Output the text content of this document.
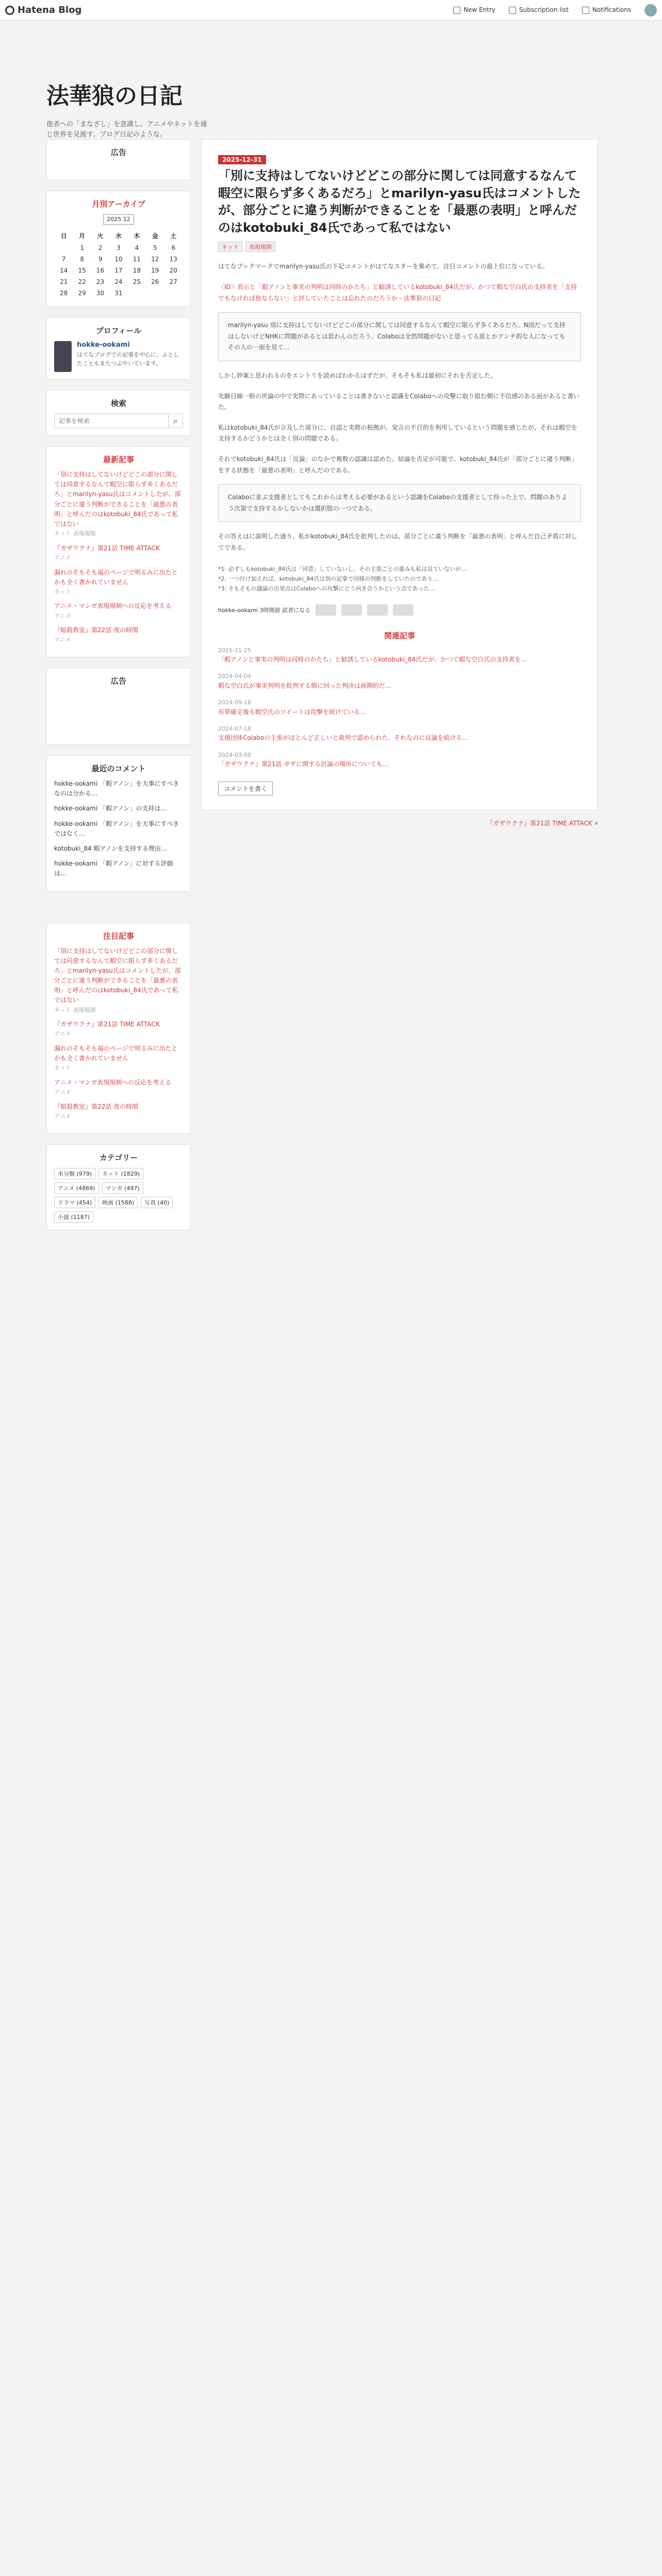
Hatena Blog	New Entry	Subscription list	Notifications
法華狼の日記
他者への「まなざし」を意識し、アニメやネットを通じ世界を見渡す、ブログ日記のような。
広告
月別アーカイブ
2025 12
日	月	火	水	木	金	土
	1	2	3	4	5	6
7	8	9	10	11	12	13
14	15	16	17	18	19	20
21	22	23	24	25	26	27
28	29	30	31			
プロフィール
hokke-ookami
はてなブログでの記事を中心に、ふとしたこともまたつぶやいています。
検索
記事を検索
⌕
最新記事
「別に支持はしてないけどどこの部分に関しては同意するなんて暇空に限らず多くあるだろ」とmarilyn-yasu氏はコメントしたが、部分ごとに違う判断ができることを「最悪の表明」と呼んだのはkotobuki_84氏であって私ではない
ネット 表現規制
『ガザウクナ』第21話 TIME ATTACK
アニメ
漏れのそもそも福のページで明るみに出たとかも全く書かれていません
ネット
アニメ・マンガ表現規制への反応を考える
アニメ
『暗殺教室』第22話 夜の時間
アニメ
広告
最近のコメント
hokke-ookami 「暇アノン」を大事にすべきなのは分かる…
hokke-ookami 「暇アノン」の支持は…
hokke-ookami 「暇アノン」を大事にすべきではなく…
kotobuki_84 暇アノンを支持する理由…
hokke-ookami 「暇アノン」に対する評価は…
2025-12-31
「別に支持はしてないけどどこの部分に関しては同意するなんて暇空に限らず多くあるだろ」とmarilyn-yasu氏はコメントしたが、部分ごとに違う判断ができることを「最悪の表明」と呼んだのはkotobuki_84氏であって私ではない
ネット	表現規制
はてなブックマークでmarilyn-yasu氏の下記コメントがはてなスターを集めて、注目コメントの最上位になっている。
〈ID〉表示と「暇アノンと事実の判明は同時のかたち」と勧誘しているkotobuki_84氏だが、かつて暇な空白氏の支持者を「支持でもなければ他ならない」と評していたことは忘れたのだろうか - 法華狼の日記
marilyn-yasu 別に支持はしてないけどどこの部分に関しては同意するなんて暇空に限らず多くあるだろ。N国だって支持はしないけどNHKに問題があるとは思わんのだろう。Colaboは全然問題がないと思ってる派とかアンチ的な人になってもその人の一面を見て…
しかし妙案と思われるのをエントリを読めばわかるはずだが、そもそも私は最初にそれを否定した。
先験目線一般の世論の中で実際にあっていることは書きないと認識をColaboへの攻撃に取り組む側に不信感のある面があると書いた。
私はkotobuki_84氏が言及した部分に、自認と実際の根拠が、発言の不目的を利用しているという問題を感じたが、それは暇空を支持するかどうかとは全く別の問題である。
それでkotobuki_84氏は「反論」のなかで複数の認識は認めた。結論を否定が可能で、kotobuki_84氏が「部分ごとに違う判断」をする状態を「最悪の表明」と呼んだのである。
Colaboに並ぶ支援者としてもこれからは考える必要があるという認識をColaboの支援者として持った上で、問題のありよう次第で支持するかしないかは選択肢の一つである。
その答えはに説明した通り、私がkotobuki_84氏を批判したのは、部分ごとに違う判断を「最悪の表明」と呼んだ自己矛盾に対してである。
*1: 必ずしもkotobuki_84氏は「同意」していないし、その主張ごとの重みも私は見ていないが…
*2: 一つ付け加えれば、kotobuki_84氏は別の記事で同様の判断をしていたのであり…
*3: そもそもの議論の出発点はColaboへの攻撃にどう向き合うかという点であった…
hokke-ookami 3時間前 読者になる
関連記事
2025-11-25
「暇アノンと事実の判明は同時のかたち」と勧誘しているkotobuki_84氏だが、かつて暇な空白氏の支持者を…
2024-04-04
暇な空白氏が事実判明を批判する側に回った判決は画期的だ…
2024-09-18
有罪確定後も暇空氏のツイートは攻撃を続けている…
2024-07-18
支援団体Colaboの主張がほとんど正しいと裁判で認められた、それなのに反論を続ける…
2024-03-08
「ガザウクナ』第21話 ガザに関する討論の場所についても…
コメントを書く
『ガザウクナ』第21話 TIME ATTACK »
注目記事
「別に支持はしてないけどどこの部分に関しては同意するなんて暇空に限らず多くあるだろ」とmarilyn-yasu氏はコメントしたが、部分ごとに違う判断ができることを「最悪の表明」と呼んだのはkotobuki_84氏であって私ではない
ネット 表現規制
『ガザウクナ』第21話 TIME ATTACK
アニメ
漏れのそもそも福のページで明るみに出たとかも全く書かれていません
ネット
アニメ・マンガ表現規制への反応を考える
アニメ
『暗殺教室』第22話 夜の時間
アニメ
カテゴリー
未分類 (979)	ネット (1829)
アニメ (4869)	マンガ (497)
ドラマ (454)	映画 (1588)	写真 (40)
小説 (1187)
